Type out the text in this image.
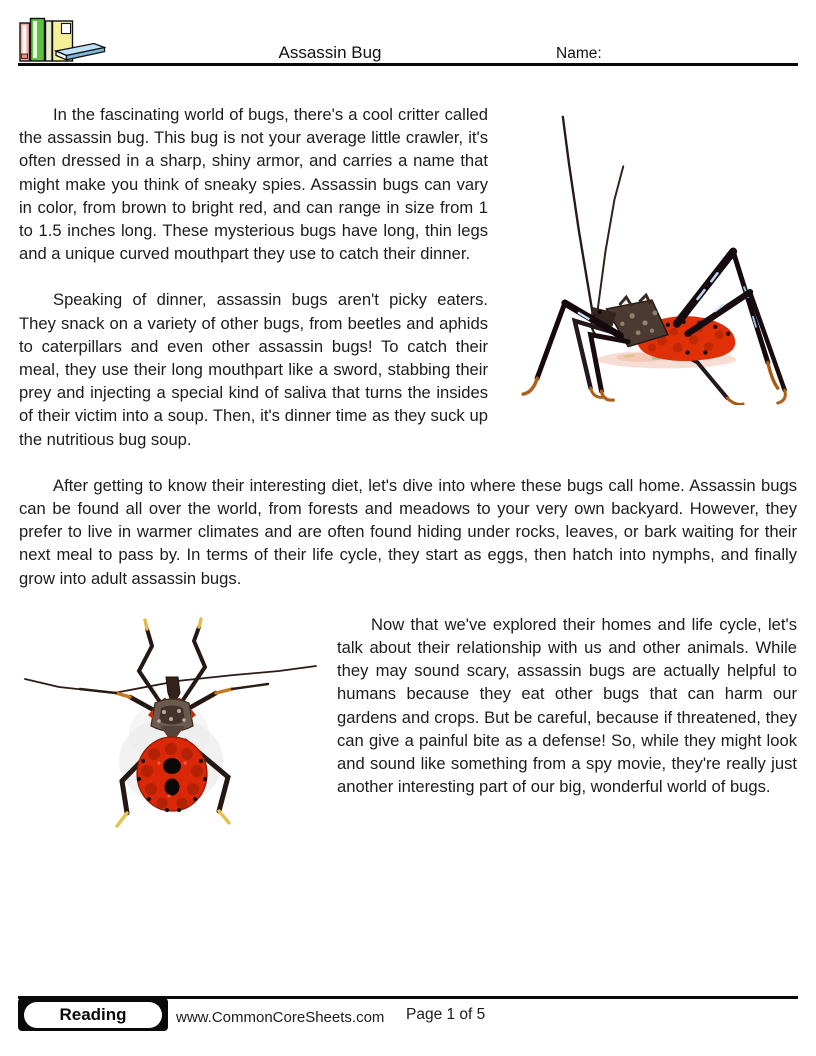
Assassin Bug	Name:

In the fascinating world of bugs, there's a cool critter called the assassin bug. This bug is not your average little crawler, it's often dressed in a sharp, shiny armor, and carries a name that might make you think of sneaky spies. Assassin bugs can vary in color, from brown to bright red, and can range in size from 1 to 1.5 inches long. These mysterious bugs have long, thin legs and a unique curved mouthpart they use to catch their dinner.

Speaking of dinner, assassin bugs aren't picky eaters. They snack on a variety of other bugs, from beetles and aphids to caterpillars and even other assassin bugs! To catch their meal, they use their long mouthpart like a sword, stabbing their prey and injecting a special kind of saliva that turns the insides of their victim into a soup. Then, it's dinner time as they suck up the nutritious bug soup.

After getting to know their interesting diet, let's dive into where these bugs call home. Assassin bugs can be found all over the world, from forests and meadows to your very own backyard. However, they prefer to live in warmer climates and are often found hiding under rocks, leaves, or bark waiting for their next meal to pass by. In terms of their life cycle, they start as eggs, then hatch into nymphs, and finally grow into adult assassin bugs.

Now that we've explored their homes and life cycle, let's talk about their relationship with us and other animals. While they may sound scary, assassin bugs are actually helpful to humans because they eat other bugs that can harm our gardens and crops. But be careful, because if threatened, they can give a painful bite as a defense! So, while they might look and sound like something from a spy movie, they're really just another interesting part of our big, wonderful world of bugs.

Reading	www.CommonCoreSheets.com Page 1 of 5
